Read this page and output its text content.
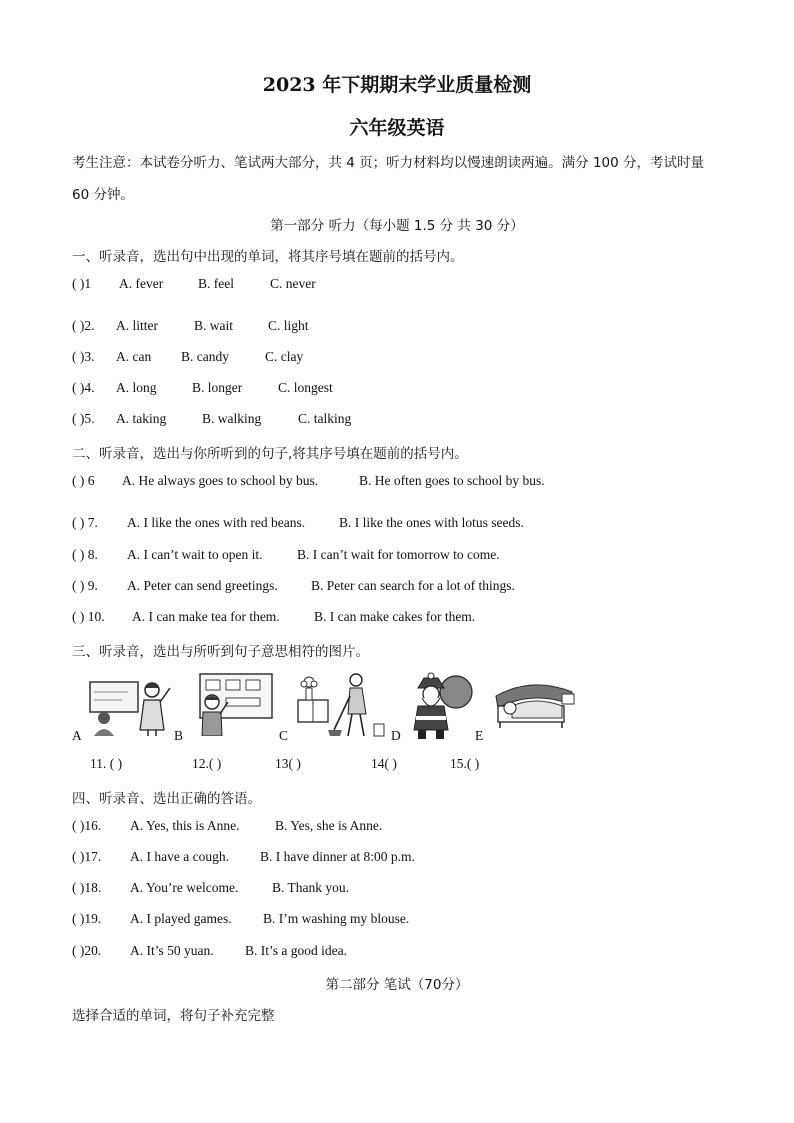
2023 年下期期末学业质量检测
六年级英语
考生注意：本试卷分听力、笔试两大部分，共 4 页；听力材料均以慢速朗读两遍。满分 100 分，考试时量
60 分钟。
第一部分 听力（每小题 1.5 分 共 30 分）
一、听录音，选出句中出现的单词，将其序号填在题前的括号内。
( )1 A. fever	B. feel	C. never
( )2. A. litter	B. wait	C. light
( )3. A. can B. candy	C. clay
( )4. A. long	B. longer	C. longest
( )5. A. taking	B. walking	C. talking
二、听录音，选出与你所听到的句子,将其序号填在题前的括号内。
( ) 6 A. He always goes to school by bus.	B. He often goes to school by bus.
( ) 7. A. I like the ones with red beans.	B. I like the ones with lotus seeds.
( ) 8. A. I can’t wait to open it.	B. I can’t wait for tomorrow to come.
( ) 9. A. Peter can send greetings. B. Peter can search for a lot of things.
( ) 10. A. I can make tea for them.	B. I can make cakes for them.
三、听录音，选出与所听到句子意思相符的图片。
A	B	C	D	E
11. ( )	12.( )	13( )	14( )	15.( )
四、听录音、选出正确的答语。
( )16. A. Yes, this is Anne.	B. Yes, she is Anne.
( )17. A. I have a cough. B. I have dinner at 8:00 p.m.
( )18. A. You’re welcome. B. Thank you.
( )19. A. I played games. B. I’m washing my blouse.
( )20. A. It’s 50 yuan. B. It’s a good idea.
第二部分 笔试（70分）
选择合适的单词，将句子补充完整
